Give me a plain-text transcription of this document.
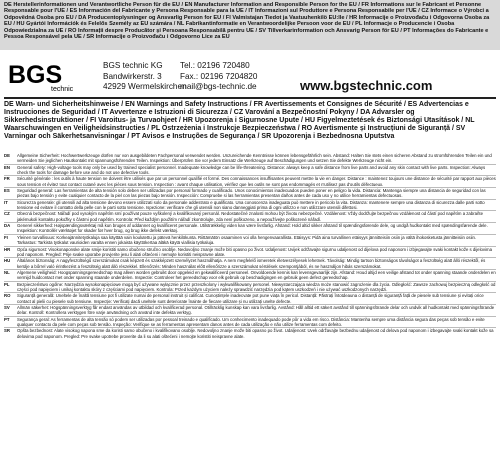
DE Herstellerinformationen und Verantwortliche Person für die EU / EN Manufacturer Information and Responsible Person for the EU / FR Informations sur le Fabricant et Personne Responsable pour l'UE / ES Información del Fabricante y Persona Responsable para la UE / IT Informazioni sul Produttore e Persona Responsabile per l'UE / CZ Informace o Výrobci a Odpovědná Osoba pro EU / DA Producentoplysninger og Ansvarlig Person for EU / FI Valmistajan Tiedot ja Vastuuhenkilö EU:lle / HR Informacije o Proizvođaču i Odgovorna Osoba za EU / HU Gyártói Információk és Felelős Személy az EU számára / NL Fabrikantinformatie en Verantwoordelijke Persoon voor de EU / PL Informacje o Producencie i Osoba Odpowiedzialna za UE / RO Informații despre Producător și Persoana Responsabilă pentru UE / SV Tillverkarinformation och Ansvarig Person för EU / PT Informações do Fabricante e Pessoa Responsável pela UE / SR Informacije o Proizvođaču i Odgovorno Lice za EU
BGS
technic
BGS technic KG
Bandwirkerstr. 3
42929 Wermelskirchen
Tel.: 02196 720480
Fax.: 02196 7204820
mail@bgs-technic.de	www.bgstechnic.com
DE Warn- und Sicherheitshinweise / EN Warnings and Safety Instructions / FR Avertissements et Consignes de Sécurité / ES Advertencias e Instrucciones de Seguridad / IT Avvertenze e Istruzioni di Sicurezza / CZ Varování a Bezpečnostní Pokyny / DA Advarsler og Sikkerhedsinstruktioner / FI Varoitus- ja Turvaohjeet / HR Upozorenja i Sigurnosne Upute / HU Figyelmeztetések és Biztonsági Utasítások / NL Waarschuwingen en Veiligheidsinstructies / PL Ostrzeżenia i Instrukcje Bezpieczeństwa / RO Avertismente și Instrucțiuni de Siguranță / SV Varningar och Säkerhetsanvisningar / PT Avisos e Instruções de Segurança / SR Upozorenja i Bezbednosna Uputstva
DE	Allgemeine Sicherheit: Hochwertwerkzeuge dürfen nur von ausgebildeten Fachpersonal verwendet werden. Unzureichende Kenntnisse können lebensgefährlich sein. Abstand: Halten Sie stets einen sicheren Abstand zu stromführenden Teilen ein und vermeiden Sie jeglichen Hautkontakt mit spannungsführenden Teilen. Inspektion: Überprüfen Sie vor jedem Einsatz die Werkzeuge auf Beschädigungen und setzen Sie defekte Werkzeuge nicht ein.
EN	General safety: High-voltage tools may only be used by trained specialist personnel. Inadequate knowledge can be life-threatening. Distance: always keep a safe distance from live parts and avoid any skin contact with live parts. Inspection: Always check the tools for damage before use and do not use defective tools.
FR	Sécurité générale : les outils à haute tension ne doivent être utilisés que par un personnel qualifié et formé. Des connaissances insuffisantes peuvent mettre la vie en danger. Distance : maintenez toujours une distance de sécurité par rapport aux pièces sous tension et évitez tout contact cutané avec les pièces sous tension. Inspection : avant chaque utilisation, vérifiez que les outils ne sont pas endommagés et n'utilisez pas d'outils défectueux.
ES	Seguridad general: Las herramientas de alta tensión solo deben ser utilizadas por personal formado y cualificado. Unos conocimientos inadecuados pueden poner en peligro la vida. Distancia: Mantenga siempre una distancia de seguridad con las piezas bajo tensión y evite cualquier contacto de la piel con las piezas bajo tensión. Inspección: Compruebe si las herramientas presentan daños antes de cada uso y no utilice herramientas defectuosas.
IT	Sicurezza generale: gli utensili ad alta tensione devono essere utilizzati solo da personale addestrato e qualificato. Una conoscenza inadeguata può mettere in pericolo la vita. Distanza: mantenere sempre una distanza di sicurezza dalle parti sotto tensione ed evitare il contatto della pelle con le parti sotto tensione. Ispezione: verificare che gli utensili non siano danneggiati prima di ogni utilizzo e non utilizzare utensili difettosi.
CZ	Obecná bezpečnost: Nářadí pod vysokým napětím smí používat pouze vyškolený a kvalifikovaný personál. Nedostatečné znalosti mohou být životu nebezpečné. Vzdálenost: Vždy dodržujte bezpečnou vzdálenost od částí pod napětím a zabraňte jakémukoli kontaktu pokožky s částmi pod napětím. Kontrola: Před každým použitím nářadí zkontrolujte, zda není poškozeno, a nepoužívejte poškozené nářadí.
DA	Generel sikkerhed: Højspændingsværktøj må kun bruges af uddannet og kvalificeret personale. Utilstrækkelig viden kan være livsfarlig. Afstand: Hold altid sikker afstand til spændingsførende dele, og undgå hudkontakt med spændingsførende dele. Inspektion: Kontrollér værktøjet for skader før hver brug, og brug ikke defekt værktøj.
FI	Yleinen turvallisuus: Korkeajännitetyökaluja saa käyttää vain koulutettu ja pätevä henkilökunta. Riittämätön osaaminen voi olla hengenvaarallista. Etäisyys: Pidä aina turvallinen etäisyys jännitteisiin osiin ja vältä ihokosketusta jännitteisiin osiin. Tarkastus: Tarkista työkalut vaurioiden varalta ennen jokaista käyttökertaa äläkä käytä viallisia työkaluja.
HR	Opća sigurnost: Visokonaponske alate smije koristiti samo obučeno stručno osoblje. Nedovoljno znanje može biti opasno po život. Udaljenost: Uvijek održavajte sigurnu udaljenost od dijelova pod naponom i izbjegavajte svaki kontakt kože s dijelovima pod naponom. Pregled: Prije svake uporabe provjerite jesu li alati oštećeni i nemojte koristiti neispravne alate.
HU	Általános biztonság: A nagyfeszültségű szerszámokat csak képzett és szakképzett személyzet használhatja. A nem megfelelő ismeretek életveszélyesek lehetnek. Távolság: Mindig tartson biztonságos távolságot a feszültség alatt álló részektől, és kerülje a bőrrel való érintkezést a feszültség alatt álló részekkel. Ellenőrzés: Minden használat előtt ellenőrizze a szerszámokat sérülések szempontjából, és ne használjon hibás szerszámokat.
NL	Algemene veiligheid: Hoogspanningsgereedschap mag alleen worden gebruikt door opgeleid en gekwalificeerd personeel. Onvoldoende kennis kan levensgevaarlijk zijn. Afstand: Houd altijd een veilige afstand tot onder spanning staande onderdelen en vermijd huidcontact met onder spanning staande onderdelen. Inspectie: Controleer het gereedschap voor elk gebruik op beschadigingen en gebruik geen defect gereedschap.
PL	Bezpieczeństwo ogólne: Narzędzia wysokonapięciowe mogą być używane wyłącznie przez przeszkolony i wykwalifikowany personel. Niewystarczająca wiedza może stanowić zagrożenie dla życia. Odległość: Zawsze zachowuj bezpieczną odległość od części pod napięciem i unikaj kontaktu skóry z częściami pod napięciem. Kontrola: Przed każdym użyciem należy sprawdzić narzędzia pod kątem uszkodzeń i nie używać uszkodzonych narzędzi.
RO	Siguranță generală: Uneltele de înaltă tensiune pot fi utilizate numai de personal instruit și calificat. Cunoștințele inadecvate pot pune viața în pericol. Distanță: Păstrați întotdeauna o distanță de siguranță față de piesele sub tensiune și evitați orice contact al pielii cu piesele sub tensiune. Inspecție: Verificați dacă uneltele sunt deteriorate înainte de fiecare utilizare și nu utilizați unelte defecte.
SV	Allmän säkerhet: Högspänningsverktyg får endast användas av utbildad och kvalificerad personal. Otillräcklig kunskap kan vara livsfarlig. Avstånd: Håll alltid ett säkert avstånd till spänningsförande delar och undvik all hudkontakt med spänningsförande delar. Kontroll: Kontrollera verktygen före varje användning och använd inte defekta verktyg.
PT	Segurança geral: As ferramentas de alta tensão só podem ser utilizadas por pessoal treinado e qualificado. Um conhecimento inadequado pode pôr a vida em risco. Distância: Mantenha sempre uma distância segura das peças sob tensão e evite qualquer contacto da pele com peças sob tensão. Inspeção: Verifique se as ferramentas apresentam danos antes de cada utilização e não utilize ferramentas com defeito.
SR	Opšta bezbednost: Alate visokog napona sme da koristi samo obučeno i kvalifikovano osoblje. Nedovoljno znanje može biti opasno po život. Udaljenost: Uvek održavajte bezbednu udaljenost od delova pod naponom i izbegavajte svaki kontakt kože sa delovima pod naponom. Pregled: Pre svake upotrebe proverite da li su alati oštećeni i nemojte koristiti neispravne alate.
